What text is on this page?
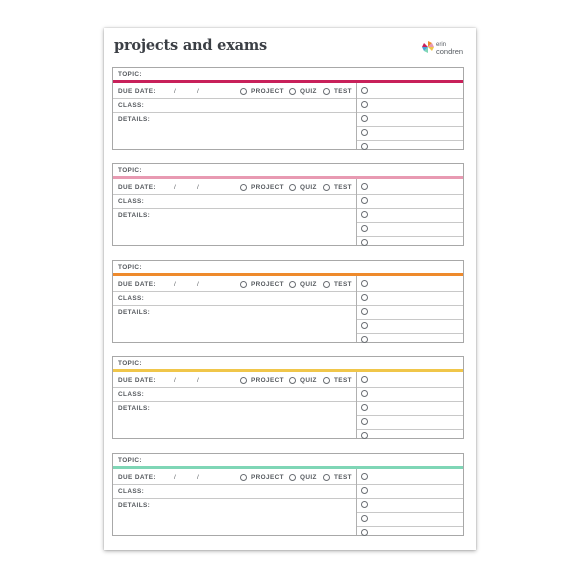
projects and exams	erin
condren
TOPIC:
DUE DATE:	/	/	PROJECT	QUIZ	TEST
CLASS:
DETAILS:
TOPIC:
DUE DATE:	/	/	PROJECT	QUIZ	TEST
CLASS:
DETAILS:
TOPIC:
DUE DATE:	/	/	PROJECT	QUIZ	TEST
CLASS:
DETAILS:
TOPIC:
DUE DATE:	/	/	PROJECT	QUIZ	TEST
CLASS:
DETAILS:
TOPIC:
DUE DATE:	/	/	PROJECT	QUIZ	TEST
CLASS:
DETAILS:
